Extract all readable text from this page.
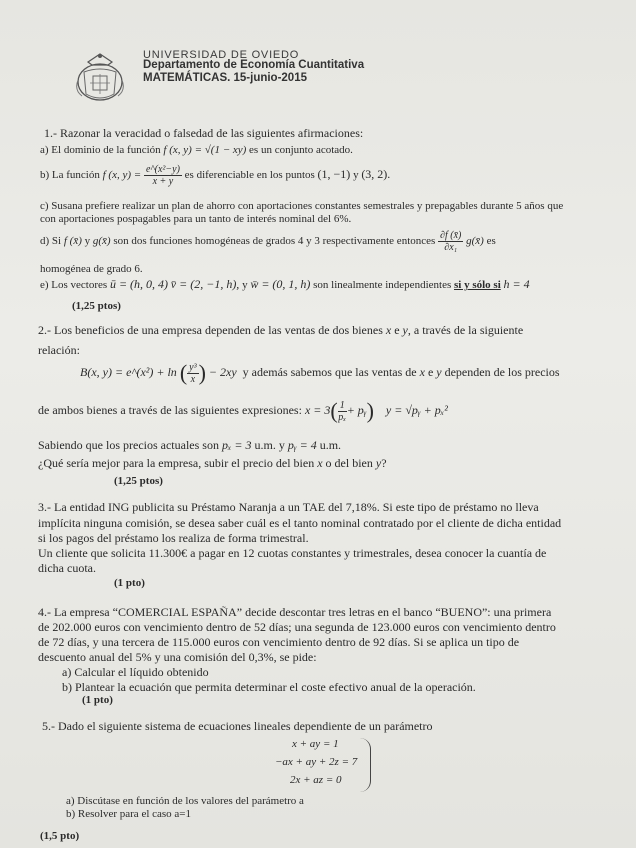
UNIVERSIDAD DE OVIEDO
Departamento de Economía Cuantitativa
MATEMÁTICAS. 15-junio-2015
1.- Razonar la veracidad o falsedad de las siguientes afirmaciones:
a) El dominio de la función f (x, y) = √(1 − xy) es un conjunto acotado.
b) La función f (x, $y) = \frac{\text{e\textasciicircum{}(x²−y)}}{x + y}$ es diferenciable en los puntos (1, −1) y (3, 2).
c) Susana prefiere realizar un plan de ahorro con aportaciones constantes semestrales y prepagables durante 5 años que
con aportaciones pospagables para un tanto de interés nominal del 6%.
d) Si f (x̄) y g(x̄) son dos funciones homogéneas de grados 4 y 3 respectivamente entonces $\frac{\partial f (x̄)}{\text{∂x₁}}$ g(x̄) es
homogénea de grado 6.
e) Los vectores ū = (h, 0, 4) v̄ = (2, −1, h), y w̄ = (0, 1, h) son linealmente independientes si y sólo si h = 4
(1,25 ptos)
2.- Los beneficios de una empresa dependen de las ventas de dos bienes x e y, a través de la siguiente
relación:
B(x, y) = e^(x²) + ln ( $\frac{\text{y³}}{x}$ ) − 2xy y además sabemos que las ventas de x e y dependen de los precios
de ambos bienes a través de las siguientes expresiones: $x = 3( \frac{1}{\text{pₓ}}$ + pᵧ) y = √pᵧ + pₓ²
Sabiendo que los precios actuales son pₓ = 3 u.m. y pᵧ = 4 u.m.
¿Qué sería mejor para la empresa, subir el precio del bien x o del bien y?
(1,25 ptos)
3.- La entidad ING publicita su Préstamo Naranja a un TAE del 7,18%. Si este tipo de préstamo no lleva
implícita ninguna comisión, se desea saber cuál es el tanto nominal contratado por el cliente de dicha entidad
si los pagos del préstamo los realiza de forma trimestral.
Un cliente que solicita 11.300€ a pagar en 12 cuotas constantes y trimestrales, desea conocer la cuantía de
dicha cuota.
(1 pto)
4.- La empresa “COMERCIAL ESPAÑA” decide descontar tres letras en el banco “BUENO”: una primera
de 202.000 euros con vencimiento dentro de 52 días; una segunda de 123.000 euros con vencimiento dentro
de 72 días, y una tercera de 115.000 euros con vencimiento dentro de 92 días. Si se aplica un tipo de
descuento anual del 5% y una comisión del 0,3%, se pide:
a) Calcular el líquido obtenido
b) Plantear la ecuación que permita determinar el coste efectivo anual de la operación.
(1 pto)
5.- Dado el siguiente sistema de ecuaciones lineales dependiente de un parámetro
x + ay = 1
−ax + ay + 2z = 7
2x + az = 0
a) Discútase en función de los valores del parámetro a
b) Resolver para el caso a=1
(1,5 pto)
